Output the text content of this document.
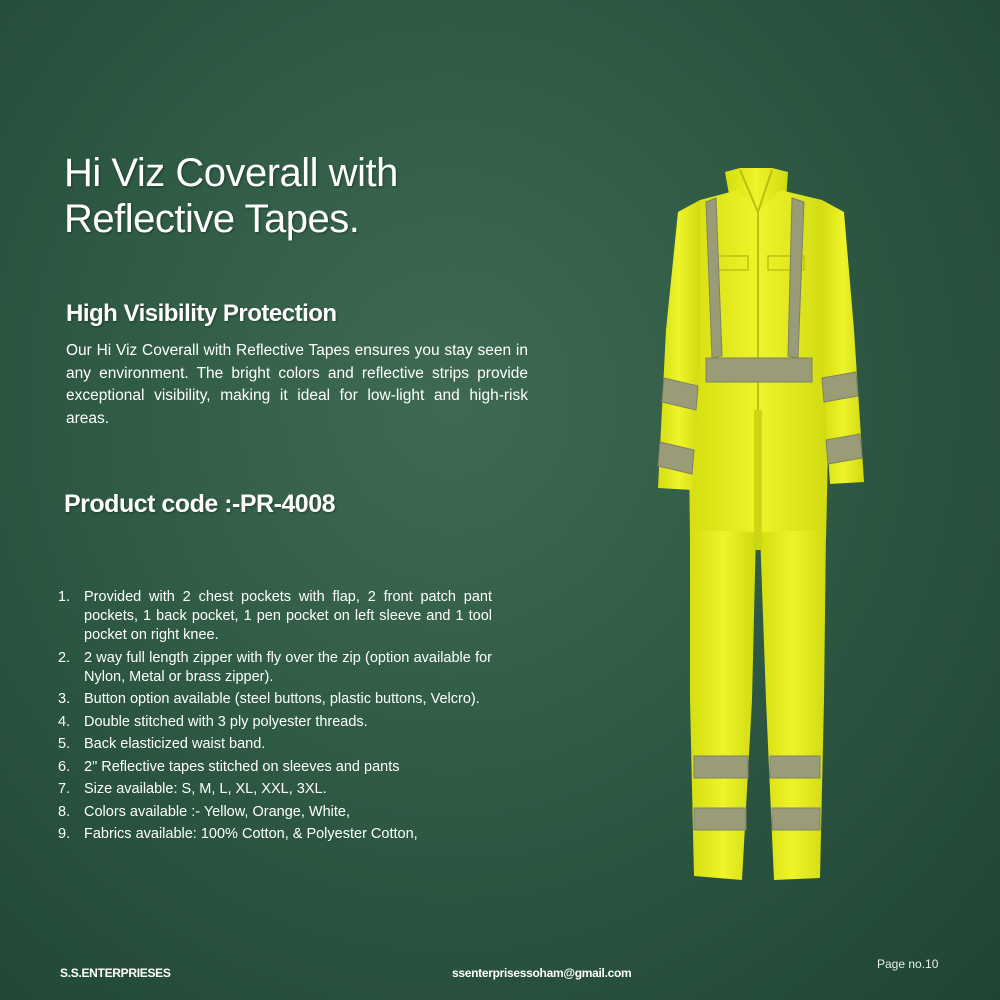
Hi Viz Coverall with Reflective Tapes.
High Visibility Protection

Our Hi Viz Coverall with Reflective Tapes ensures you stay seen in any environment. The bright colors and reflective strips provide exceptional visibility, making it ideal for low-light and high-risk areas.

Product code :-PR-4008
1. Provided with 2 chest pockets with flap, 2 front patch pant pockets, 1 back pocket, 1 pen pocket on left sleeve and 1 tool pocket on right knee.
2. 2 way full length zipper with fly over the zip (option available for Nylon, Metal or brass zipper).
3. Button option available (steel buttons, plastic buttons, Velcro).
4. Double stitched with 3 ply polyester threads.
5. Back elasticized waist band.
6. 2" Reflective tapes stitched on sleeves and pants
7. Size available: S, M, L, XL, XXL, 3XL.
8. Colors available :- Yellow, Orange, White,
9. Fabrics available: 100% Cotton, & Polyester Cotton,
S.S.ENTERPRIESES	ssenterprisessoham@gmail.com
Page no.10
